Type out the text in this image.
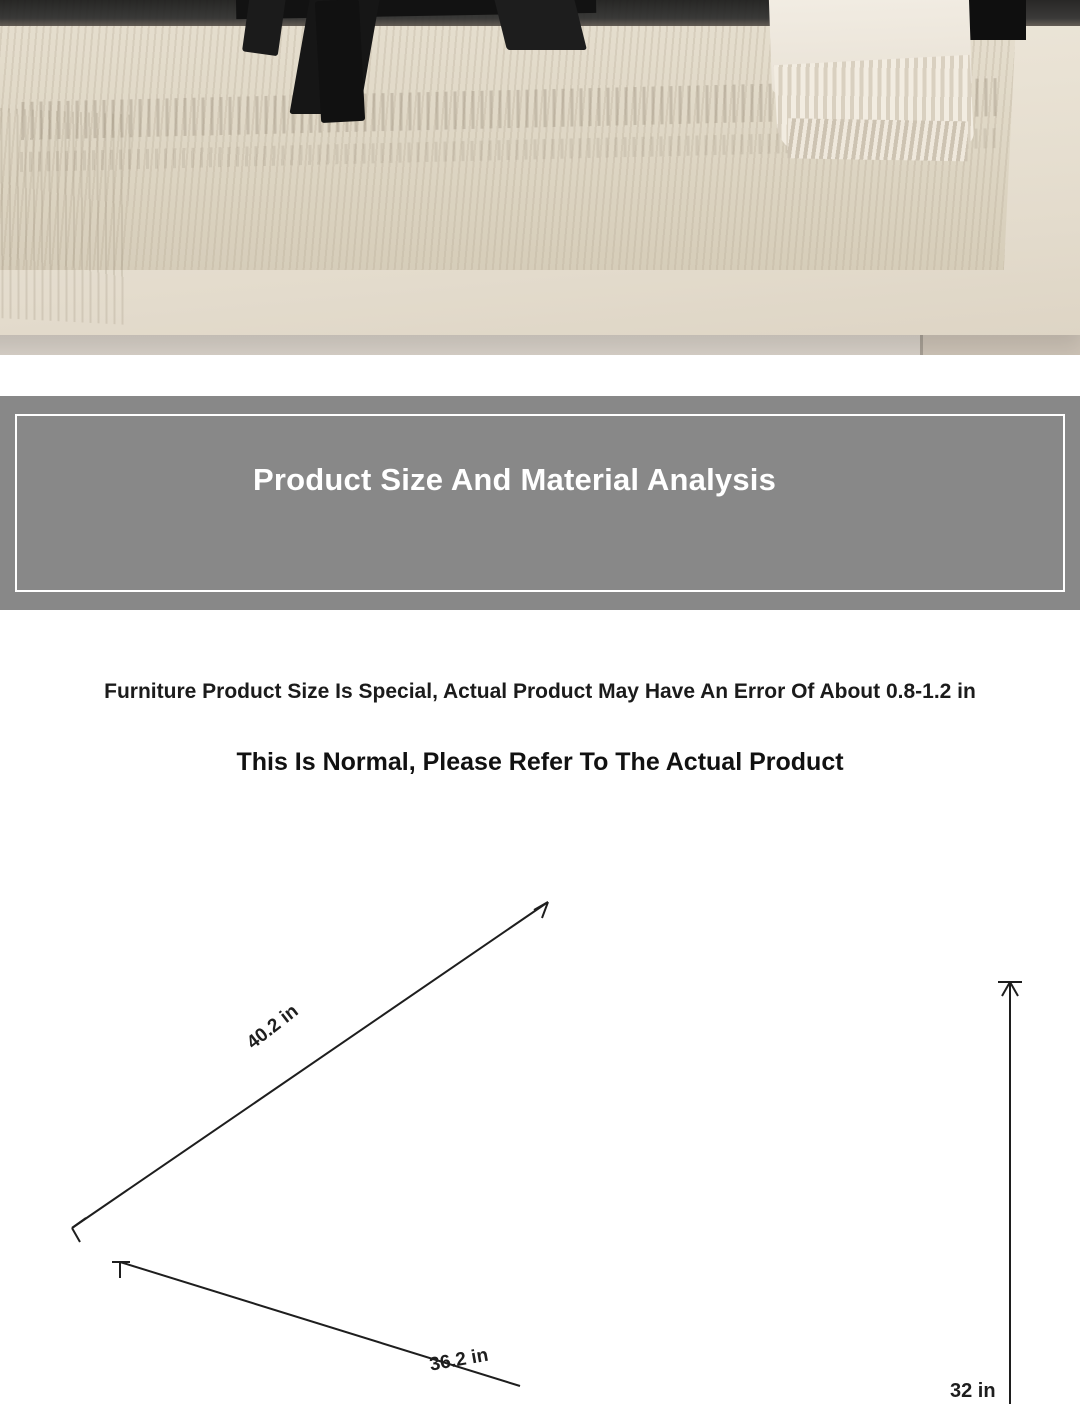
Product Size And Material Analysis
Furniture Product Size Is Special, Actual Product May Have An Error Of About 0.8-1.2 in
This Is Normal, Please Refer To The Actual Product
40.2 in
36.2 in
32 in
